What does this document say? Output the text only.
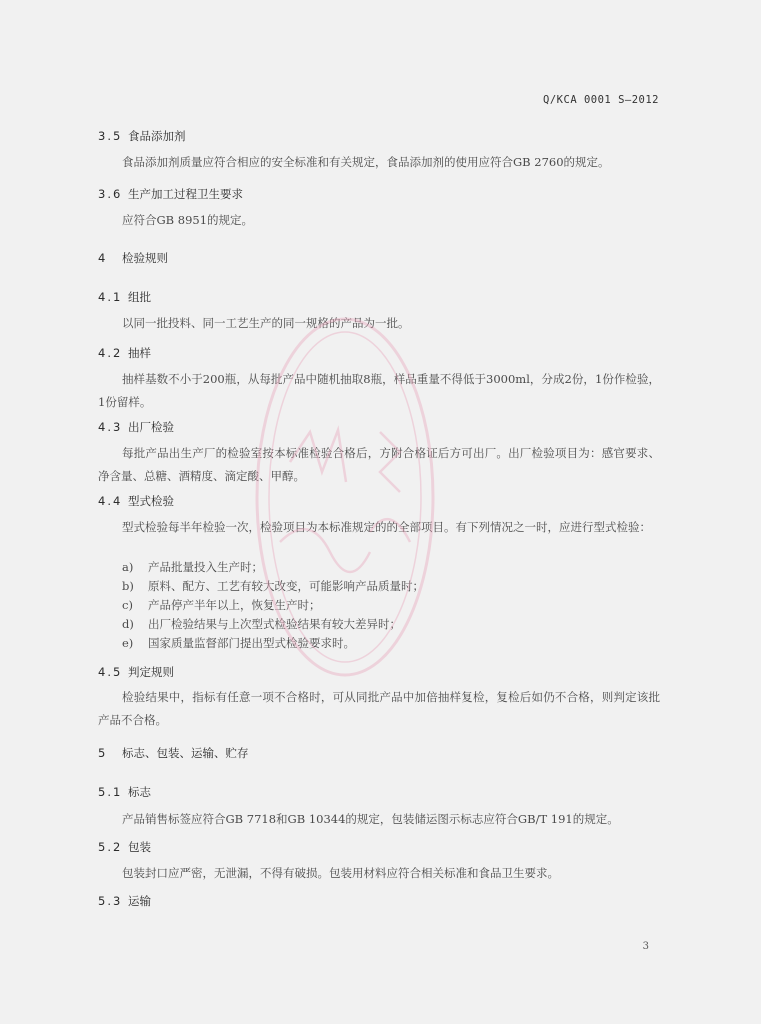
Q/KCA 0001 S—2012
3.5 食品添加剂
食品添加剂质量应符合相应的安全标准和有关规定，食品添加剂的使用应符合GB 2760的规定。
3.6 生产加工过程卫生要求
应符合GB 8951的规定。
4 检验规则
4.1 组批
以同一批投料、同一工艺生产的同一规格的产品为一批。
4.2 抽样
抽样基数不小于200瓶，从每批产品中随机抽取8瓶，样品重量不得低于3000ml，分成2份，1份作检验，1份留样。
4.3 出厂检验
每批产品出生产厂的检验室按本标准检验合格后，方附合格证后方可出厂。出厂检验项目为：感官要求、净含量、总糖、酒精度、滴定酸、甲醇。
4.4 型式检验
型式检验每半年检验一次，检验项目为本标准规定的的全部项目。有下列情况之一时，应进行型式检验：
a) 产品批量投入生产时；
b) 原料、配方、工艺有较大改变，可能影响产品质量时；
c) 产品停产半年以上，恢复生产时；
d) 出厂检验结果与上次型式检验结果有较大差异时；
e) 国家质量监督部门提出型式检验要求时。
4.5 判定规则
检验结果中，指标有任意一项不合格时，可从同批产品中加倍抽样复检，复检后如仍不合格，则判定该批产品不合格。
5 标志、包装、运输、贮存
5.1 标志
产品销售标签应符合GB 7718和GB 10344的规定，包装储运图示标志应符合GB/T 191的规定。
5.2 包装
包装封口应严密，无泄漏，不得有破损。包装用材料应符合相关标准和食品卫生要求。
5.3 运输
3
